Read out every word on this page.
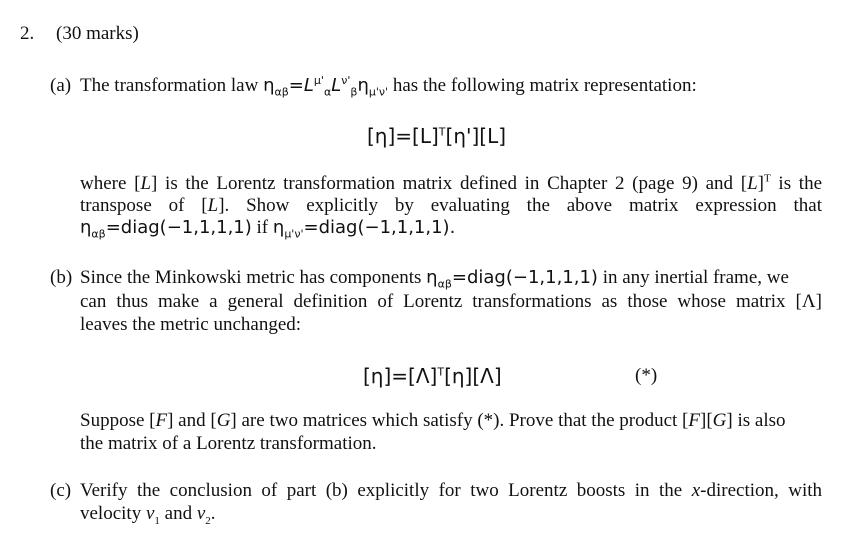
2. (30 marks)
(a) The transformation law $\eta_{\alpha\beta}=L^{\mu'}_\alpha L^{\nu'}_\beta\eta_{\mu'\nu'}$ has the following matrix representation:
$[\eta]=[L]^T[\eta'][L]$
where [L] is the Lorentz transformation matrix defined in Chapter 2 (page 9) and $[L]^T$ is the
transpose of [L]. Show explicitly by evaluating the above matrix expression that
$\eta_{\alpha\beta}=diag(-1,1,1,1)$ if $\eta_{\mu'\nu'}=diag(-1,1,1,1)$.
(b) Since the Minkowski metric has components $\eta_{\alpha\beta}=diag(-1,1,1,1)$ in any inertial frame, we
can thus make a general definition of Lorentz transformations as those whose matrix [Λ]
leaves the metric unchanged:
$[\eta]=[\Lambda]^T[\eta][\Lambda]$	(*)
Suppose [F] and [G] are two matrices which satisfy (*). Prove that the product [F][G] is also
the matrix of a Lorentz transformation.
(c) Verify the conclusion of part (b) explicitly for two Lorentz boosts in the x-direction, with
velocity $v_1$ and $v_2$.
